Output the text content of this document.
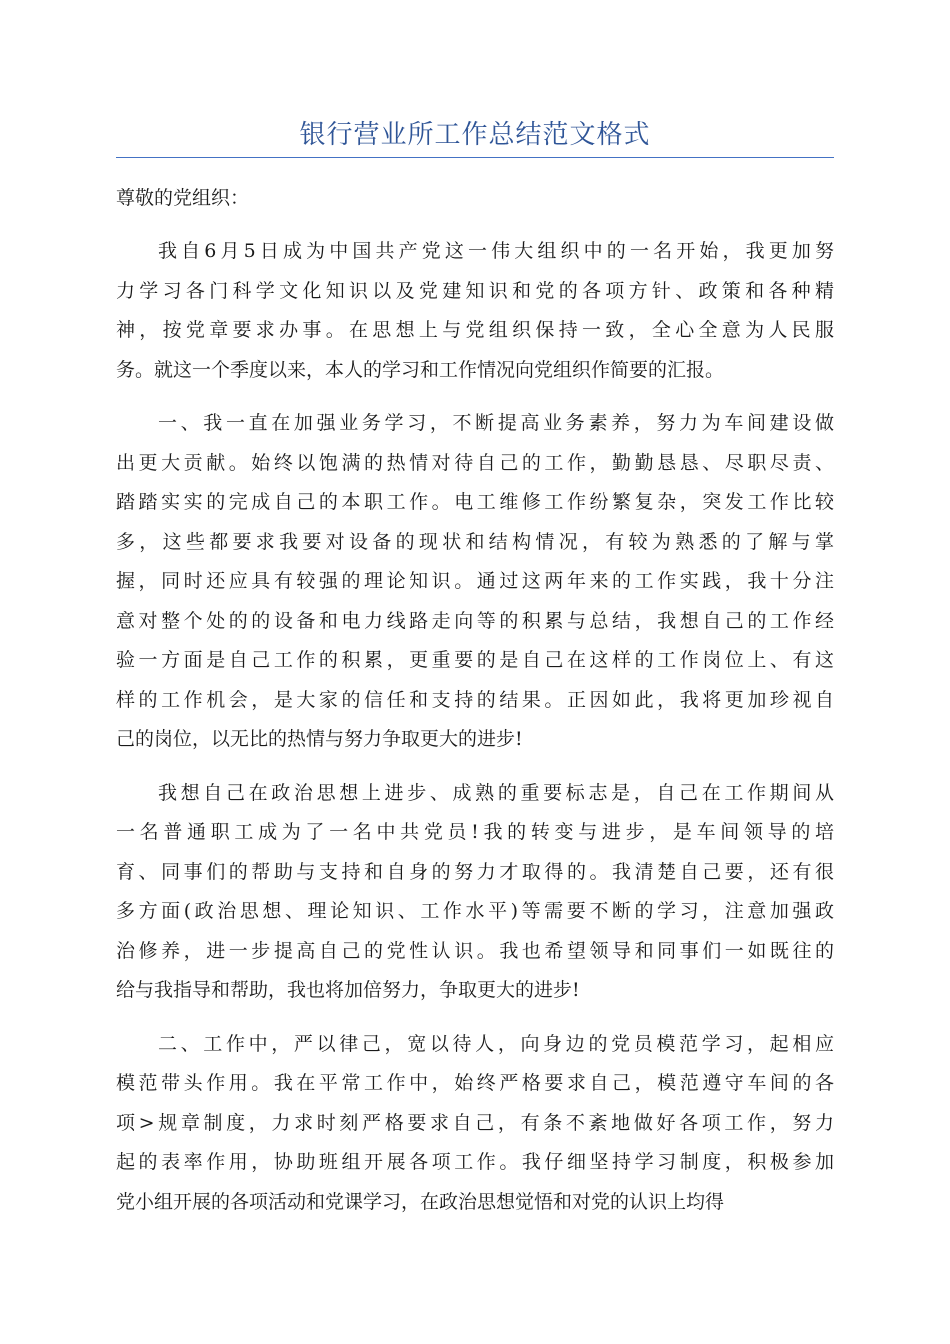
银行营业所工作总结范文格式

尊敬的党组织：

我自6月5日成为中国共产党这一伟大组织中的一名开始，我更加努
力学习各门科学文化知识以及党建知识和党的各项方针、政策和各种精
神，按党章要求办事。在思想上与党组织保持一致，全心全意为人民服
务。就这一个季度以来，本人的学习和工作情况向党组织作简要的汇报。
一、我一直在加强业务学习，不断提高业务素养，努力为车间建设做
出更大贡献。始终以饱满的热情对待自己的工作，勤勤恳恳、尽职尽责、
踏踏实实的完成自己的本职工作。电工维修工作纷繁复杂，突发工作比较
多，这些都要求我要对设备的现状和结构情况，有较为熟悉的了解与掌
握，同时还应具有较强的理论知识。通过这两年来的工作实践，我十分注
意对整个处的的设备和电力线路走向等的积累与总结，我想自己的工作经
验一方面是自己工作的积累，更重要的是自己在这样的工作岗位上、有这
样的工作机会，是大家的信任和支持的结果。正因如此，我将更加珍视自
己的岗位，以无比的热情与努力争取更大的进步!
我想自己在政治思想上进步、成熟的重要标志是，自己在工作期间从
一名普通职工成为了一名中共党员!我的转变与进步，是车间领导的培
育、同事们的帮助与支持和自身的努力才取得的。我清楚自己要，还有很
多方面(政治思想、理论知识、工作水平)等需要不断的学习，注意加强政
治修养，进一步提高自己的党性认识。我也希望领导和同事们一如既往的
给与我指导和帮助，我也将加倍努力，争取更大的进步!
二、工作中，严以律己，宽以待人，向身边的党员模范学习，起相应
模范带头作用。我在平常工作中，始终严格要求自己，模范遵守车间的各
项>规章制度，力求时刻严格要求自己，有条不紊地做好各项工作，努力
起的表率作用，协助班组开展各项工作。我仔细坚持学习制度，积极参加
党小组开展的各项活动和党课学习，在政治思想觉悟和对党的认识上均得
